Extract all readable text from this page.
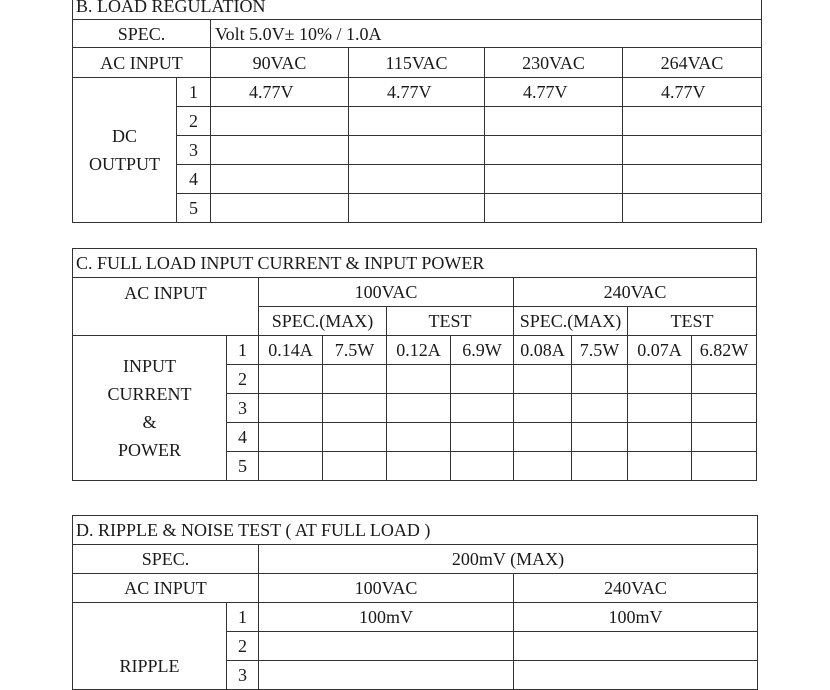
B. LOAD REGULATION					
SPEC.		Volt 5.0V± 10% / 1.0A			
AC INPUT		90VAC	115VAC	230VAC	264VAC

DC
OUTPUT	1	4.77V	4.77V	4.77V	4.77V
	2				
	3				
	4				
	5				
C. FULL LOAD INPUT CURRENT & INPUT POWER									
AC INPUT		100VAC				240VAC			
		SPEC.(MAX)		TEST		SPEC.(MAX)		TEST	

INPUT
CURRENT
&
POWER	1	0.14A	7.5W	0.12A	6.9W	0.08A	7.5W	0.07A	6.82W
	2								
	3								
	4								
	5								
D. RIPPLE & NOISE TEST ( AT FULL LOAD )			
SPEC.		200mV (MAX)	
AC INPUT		100VAC	240VAC
RIPPLE	1	100mV	100mV
	2		
	3		
